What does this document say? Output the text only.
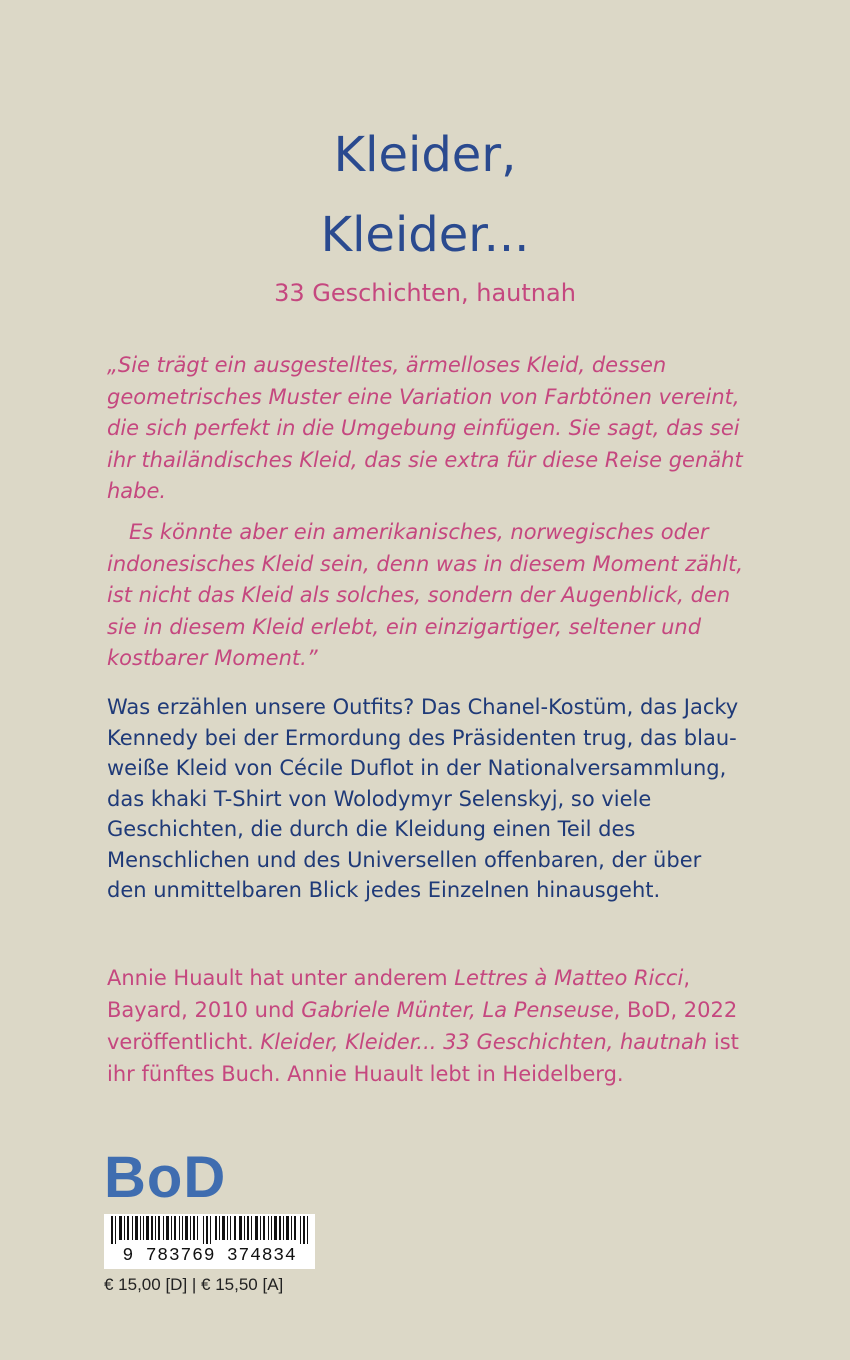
Kleider,
Kleider...
33 Geschichten, hautnah

„Sie trägt ein ausgestelltes, ärmelloses Kleid, dessen geometrisches Muster eine Variation von Farbtönen vereint, die sich perfekt in die Umgebung einfügen. Sie sagt, das sei ihr thailändisches Kleid, das sie extra für diese Reise genäht habe.

Es könnte aber ein amerikanisches, norwegisches oder indonesisches Kleid sein, denn was in diesem Moment zählt, ist nicht das Kleid als solches, sondern der Augenblick, den sie in diesem Kleid erlebt, ein einzigartiger, seltener und kostbarer Moment.”

Was erzählen unsere Outfits? Das Chanel-Kostüm, das Jacky Kennedy bei der Ermordung des Präsidenten trug, das blau-weiße Kleid von Cécile Duflot in der Nationalversammlung, das khaki T-Shirt von Wolodymyr Selenskyj, so viele Geschichten, die durch die Kleidung einen Teil des Menschlichen und des Universellen offenbaren, der über den unmittelbaren Blick jedes Einzelnen hinausgeht.

Annie Huault hat unter anderem Lettres à Matteo Ricci, Bayard, 2010 und Gabriele Münter, La Penseuse, BoD, 2022 veröffentlicht. Kleider, Kleider... 33 Geschichten, hautnah ist ihr fünftes Buch. Annie Huault lebt in Heidelberg.

BoD
9 783769 374834
€ 15,00 [D] | € 15,50 [A]
